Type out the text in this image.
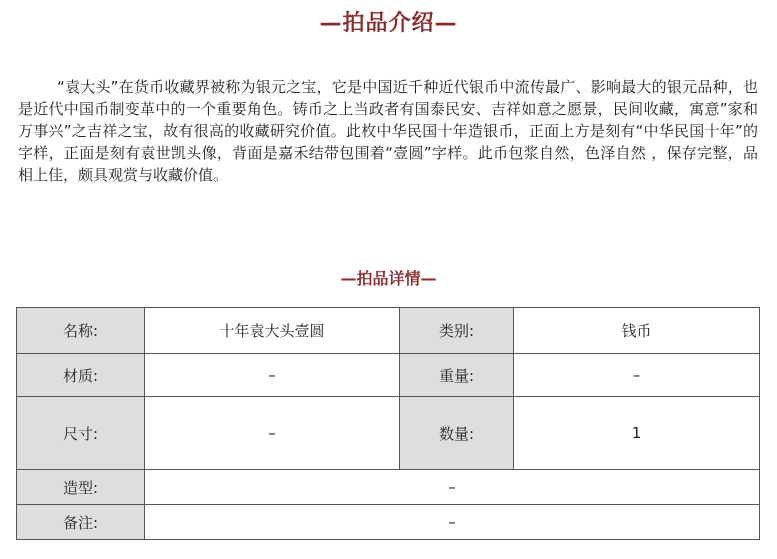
—拍品介绍—

“袁大头”在货币收藏界被称为银元之宝，它是中国近千种近代银币中流传最广、影响最大的银元品种，也是近代中国币制变革中的一个重要角色。铸币之上当政者有国泰民安、吉祥如意之愿景，民间收藏，寓意”家和万事兴”之吉祥之宝，故有很高的收藏研究价值。此枚中华民国十年造银币，正面上方是刻有“中华民国十年”的字样，正面是刻有袁世凯头像，背面是嘉禾结带包围着“壹圆”字样。此币包浆自然，色泽自然 ，保存完整，品相上佳，颇具观赏与收藏价值。

—拍品详情—
名称:	十年袁大头壹圆	类别:	钱币
材质:	–	重量:	–
尺寸:	–	数量:	1
造型:	–		
备注:	–		
